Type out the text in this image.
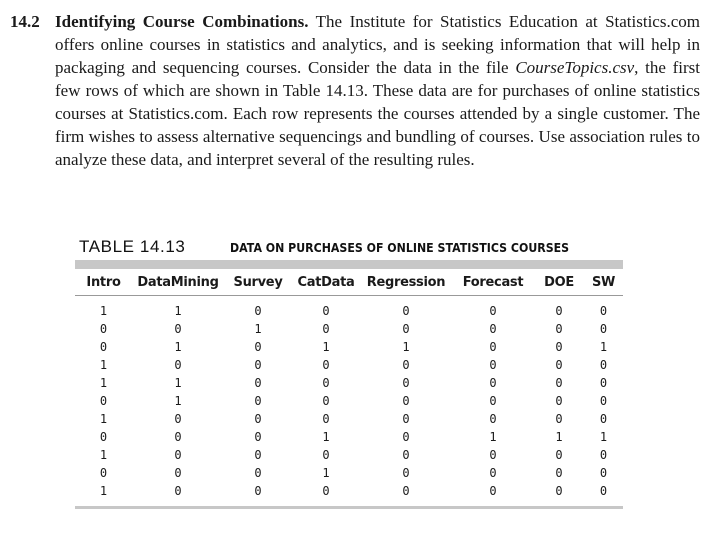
14.2 Identifying Course Combinations. The Institute for Statistics Education at Statistics.com offers online courses in statistics and analytics, and is seeking information that will help in packaging and sequencing courses. Consider the data in the file CourseTopics.csv, the first few rows of which are shown in Table 14.13. These data are for purchases of online statistics courses at Statistics.com. Each row represents the courses attended by a single customer. The firm wishes to assess alternative sequencings and bundling of courses. Use association rules to analyze these data, and interpret several of the resulting rules.
TABLE 14.13	DATA ON PURCHASES OF ONLINE STATISTICS COURSES
Intro	DataMining	Survey	CatData	Regression	Forecast	DOE	SW

1	1	0	0	0	0	0	0
0	0	1	0	0	0	0	0
0	1	0	1	1	0	0	1
1	0	0	0	0	0	0	0
1	1	0	0	0	0	0	0
0	1	0	0	0	0	0	0
1	0	0	0	0	0	0	0
0	0	0	1	0	1	1	1
1	0	0	0	0	0	0	0
0	0	0	1	0	0	0	0
1	0	0	0	0	0	0	0
